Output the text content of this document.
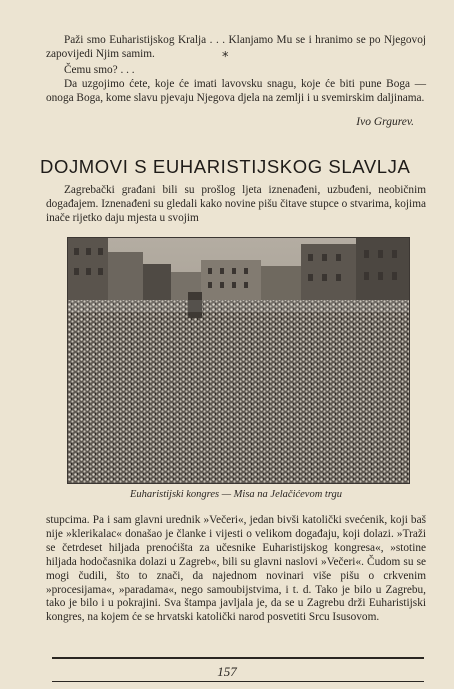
Paži smo Euharistijskog Kralja . . . Klanjamo Mu se i hranimo se po Njegovoj zapovijedi Njim samim.	*

Čemu smo? . . .

Da uzgojimo ćete, koje će imati lavovsku snagu, koje će biti pune Boga — onoga Boga, kome slavu pjevaju Njegova djela na zemlji i u svemirskim daljinama.

Ivo Grgurev.
DOJMOVI S EUHARISTIJSKOG SLAVLJA

Zagrebački građani bili su prošlog ljeta iznenađeni, uzbuđeni, neobičnim događajem. Iznenađeni su gledali kako novine pišu čitave stupce o stvarima, kojima inače rijetko daju mjesta u svojim

Euharistijski kongres — Misa na Jelačićevom trgu

stupcima. Pa i sam glavni urednik »Večeri«, jedan bivši katolički svećenik, koji baš nije »klerikalac« donašao je članke i vijesti o velikom događaju, koji dolazi. »Traži se četrdeset hiljada prenoćišta za učesnike Euharistijskog kongresa«, »stotine hiljada hodočasnika dolazi u Zagreb«, bili su glavni naslovi »Večeri«. Čudom su se mogi čudili, što to znači, da najednom novinari više pišu o crkvenim »procesijama«, »paradama«, nego samoubijstvima, i t. d. Tako je bilo u Zagrebu, tako je bilo i u pokrajini. Sva štampa javljala je, da se u Zagrebu drži Euharistijski kongres, na kojem će se hrvatski katolički narod posvetiti Srcu Isusovom.

157
